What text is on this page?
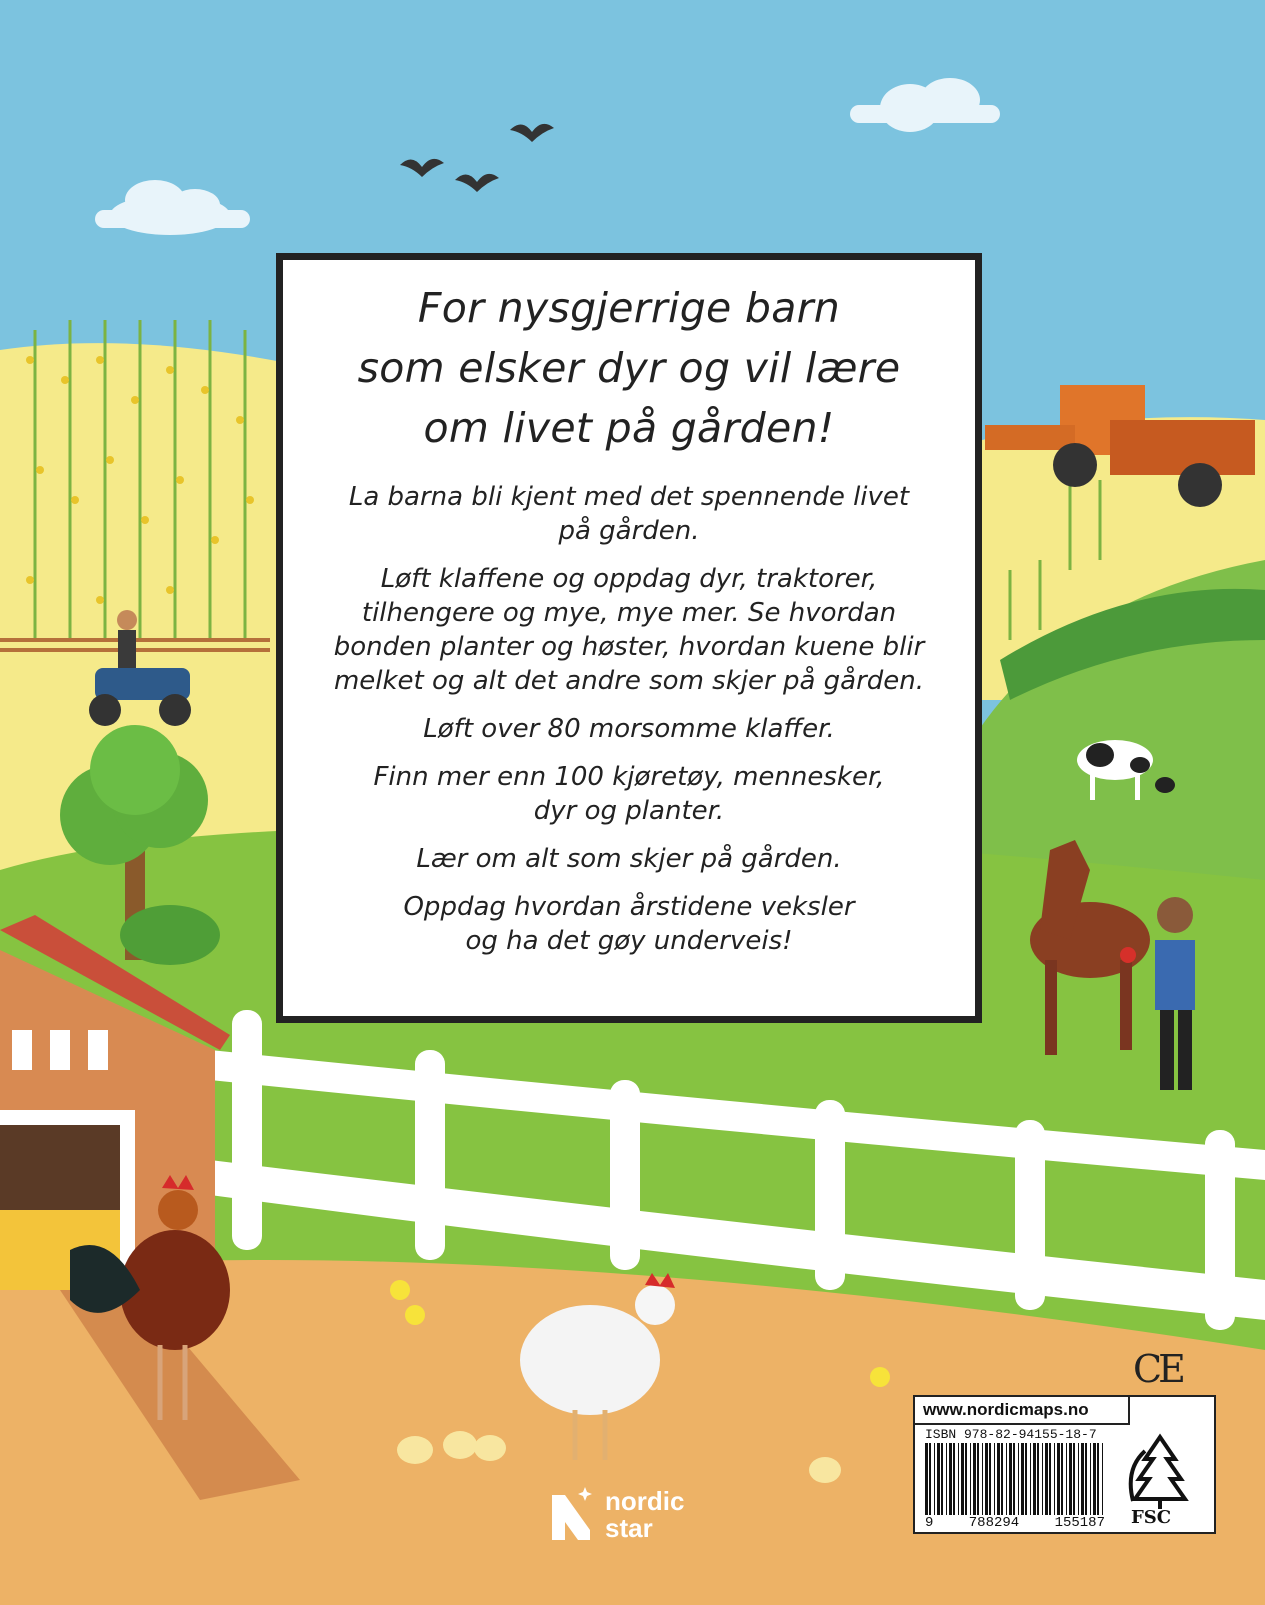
For nysgjerrige barn
som elsker dyr og vil lære
om livet på gården!
La barna bli kjent med det spennende livet
på gården.
Løft klaffene og oppdag dyr, traktorer,
tilhengere og mye, mye mer. Se hvordan
bonden planter og høster, hvordan kuene blir
melket og alt det andre som skjer på gården.
Løft over 80 morsomme klaffer.
Finn mer enn 100 kjøretøy, mennesker,
dyr og planter.
Lær om alt som skjer på gården.
Oppdag hvordan årstidene veksler
og ha det gøy underveis!
CE
www.nordicmaps.no
ISBN 978-82-94155-18-7
9	788294	155187 FSC
nordic
star
